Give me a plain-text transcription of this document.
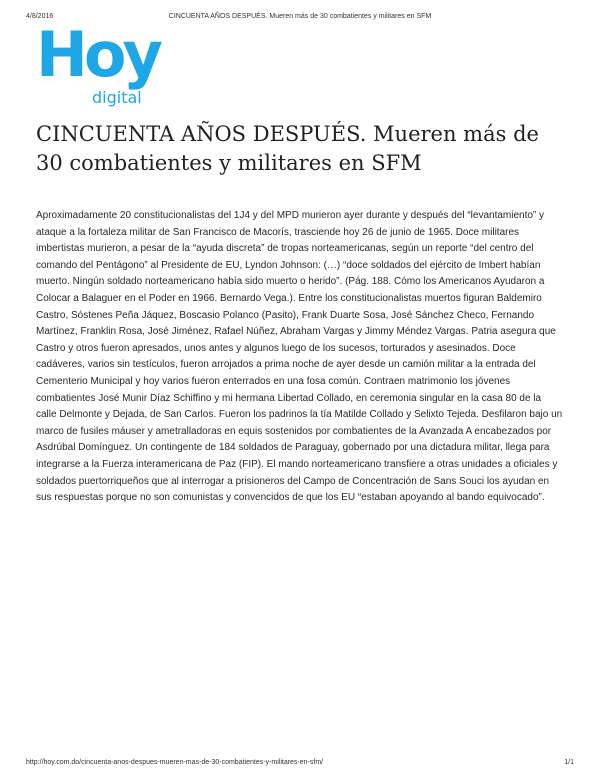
4/8/2016	CINCUENTA AÑOS DESPUÉS. Mueren más de 30 combatientes y militares en SFM
Hoy
digital
CINCUENTA AÑOS DESPUÉS. Mueren más de 30 combatientes y militares en SFM

Aproximadamente 20 constitucionalistas del 1J4 y del MPD murieron ayer durante y después del “levantamiento” y ataque a la fortaleza militar de San Francisco de Macorís, trasciende hoy 26 de junio de 1965. Doce militares imbertistas murieron, a pesar de la “ayuda discreta” de tropas norteamericanas, según un reporte “del centro del comando del Pentágono” al Presidente de EU, Lyndon Johnson: (…) “doce soldados del ejército de Imbert habían muerto. Ningún soldado norteamericano había sido muerto o herido”. (Pág. 188. Cómo los Americanos Ayudaron a Colocar a Balaguer en el Poder en 1966. Bernardo Vega.). Entre los constitucionalistas muertos figuran Baldemiro Castro, Sóstenes Peña Jáquez, Boscasio Polanco (Pasito), Frank Duarte Sosa, José Sánchez Checo, Fernando Martínez, Franklin Rosa, José Jiménez, Rafael Núñez, Abraham Vargas y Jimmy Méndez Vargas. Patria asegura que Castro y otros fueron apresados, unos antes y algunos luego de los sucesos, torturados y asesinados. Doce cadáveres, varios sin testículos, fueron arrojados a prima noche de ayer desde un camión militar a la entrada del Cementerio Municipal y hoy varios fueron enterrados en una fosa común. Contraen matrimonio los jóvenes combatientes José Munir Díaz Schiffino y mi hermana Libertad Collado, en ceremonia singular en la casa 80 de la calle Delmonte y Dejada, de San Carlos. Fueron los padrinos la tía Matilde Collado y Selixto Tejeda. Desfilaron bajo un marco de fusiles máuser y ametralladoras en equis sostenidos por combatientes de la Avanzada A encabezados por Asdrúbal Domínguez. Un contingente de 184 soldados de Paraguay, gobernado por una dictadura militar, llega para integrarse a la Fuerza interamericana de Paz (FIP). El mando norteamericano transfiere a otras unidades a oficiales y soldados puertorriqueños que al interrogar a prisioneros del Campo de Concentración de Sans Souci los ayudan en sus respuestas porque no son comunistas y convencidos de que los EU “estaban apoyando al bando equivocado”.

http://hoy.com.do/cincuenta-anos-despues-mueren-mas-de-30-combatientes-y-militares-en-sfm/	1/1
